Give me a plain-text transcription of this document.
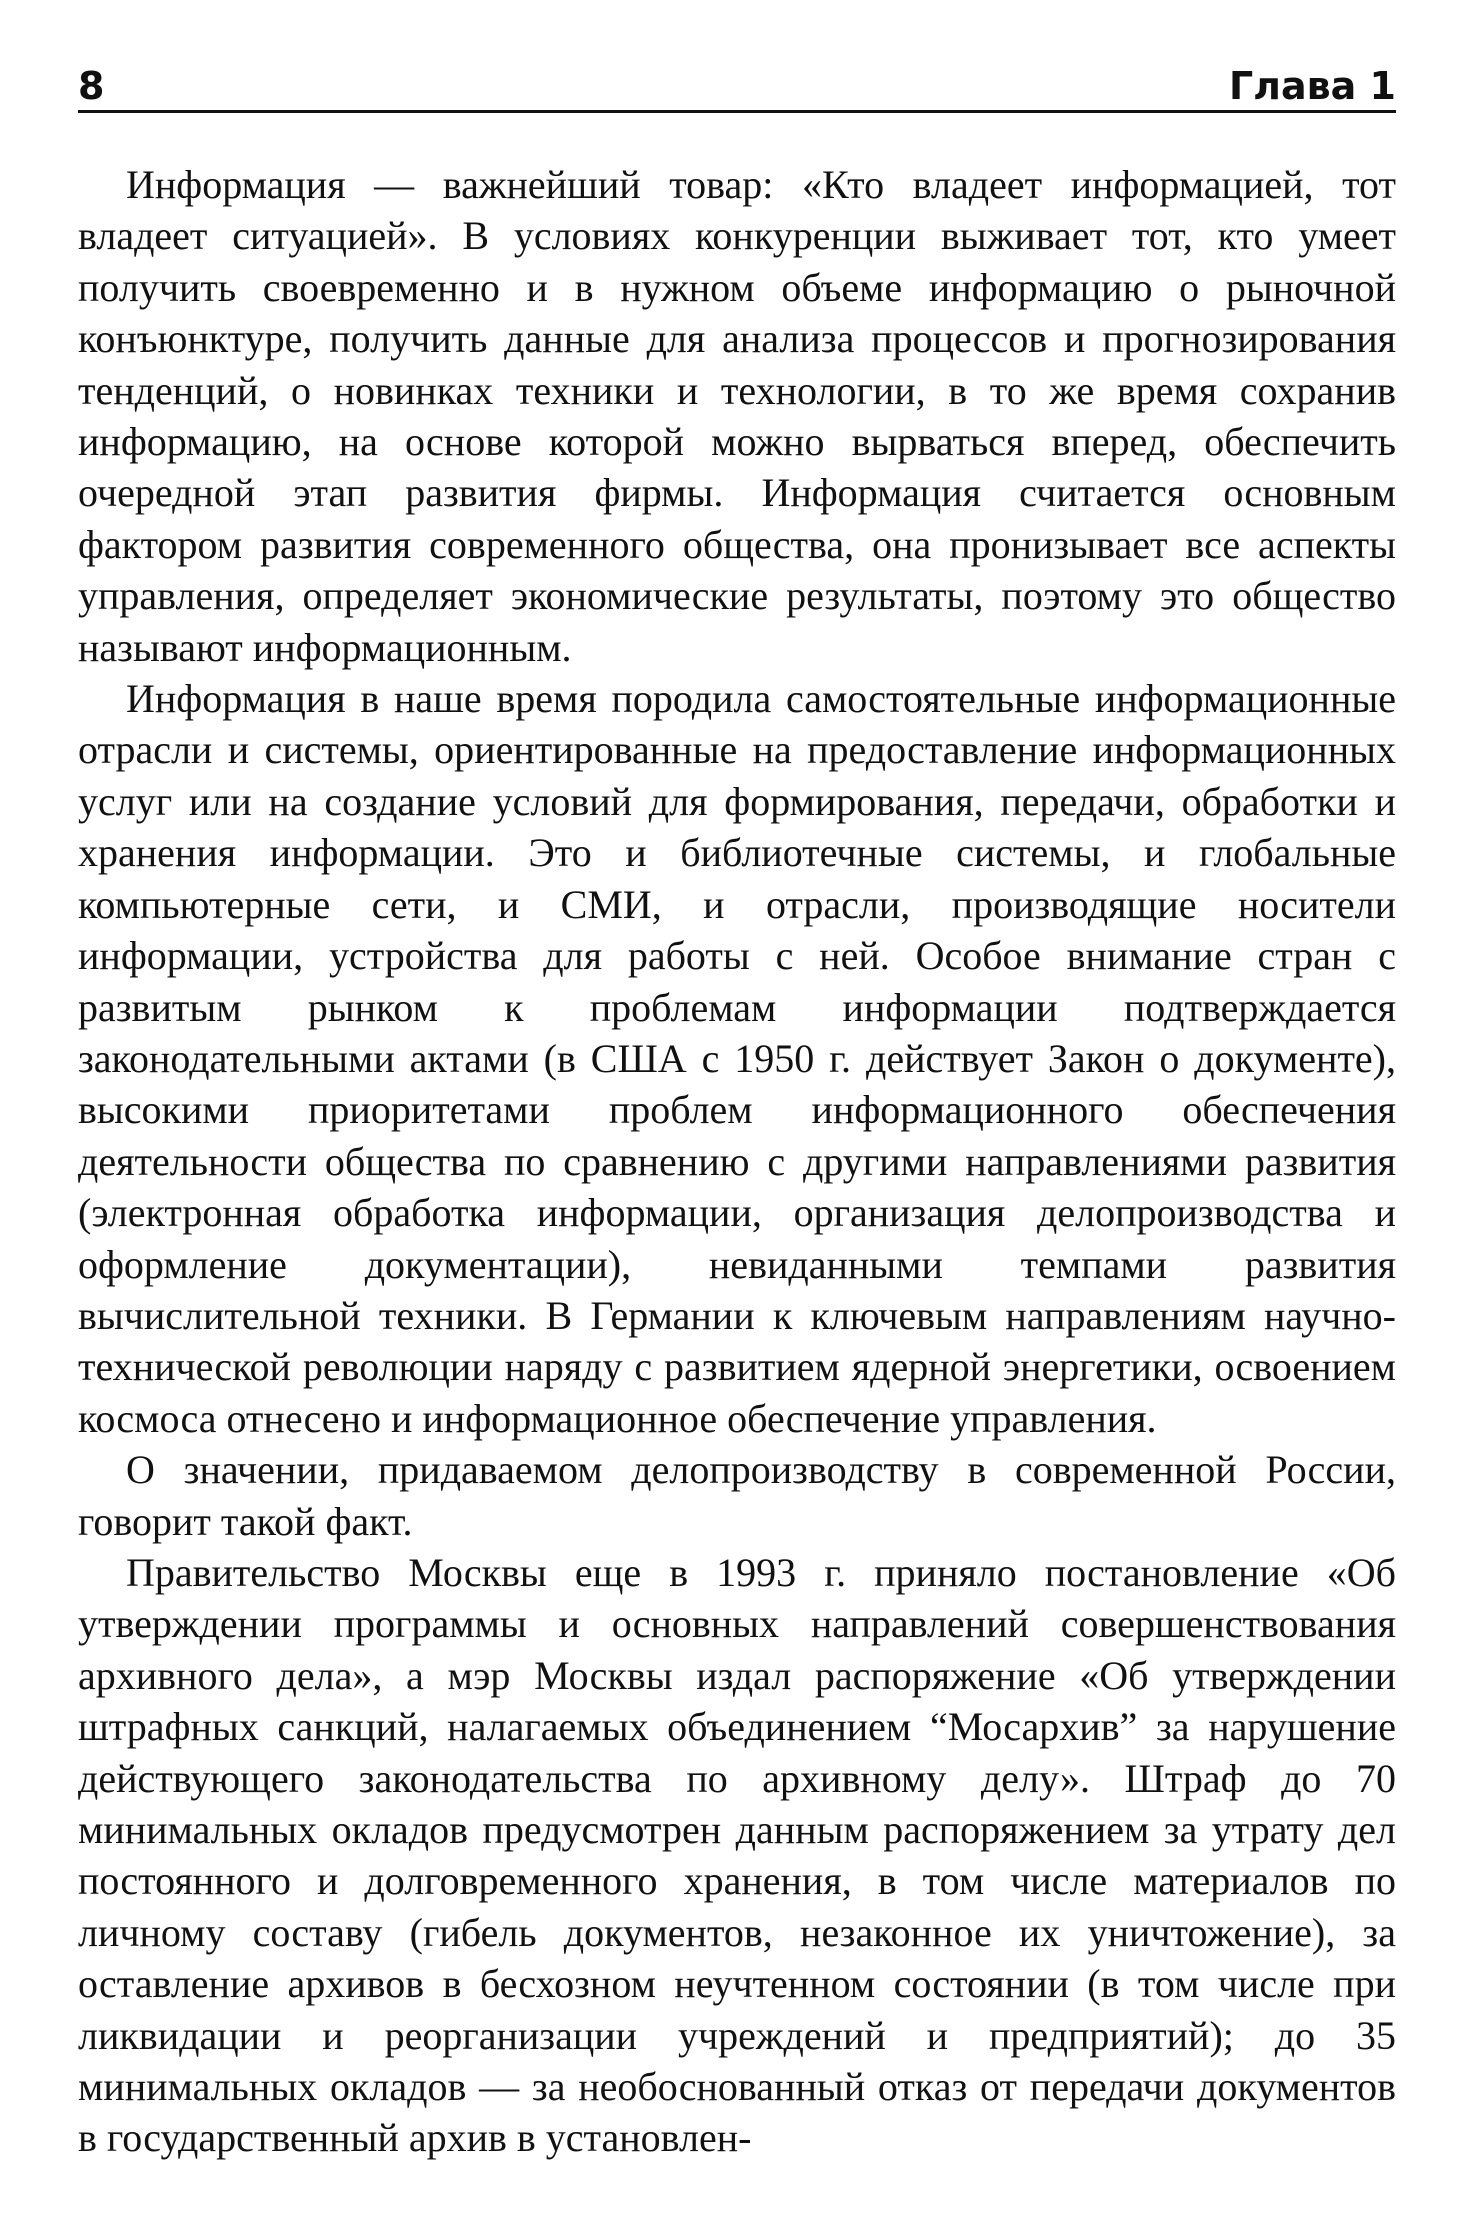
8	Глава 1

Информация — важнейший товар: «Кто владеет информацией, тот владеет ситуацией». В условиях конкуренции выживает тот, кто умеет получить своевременно и в нужном объеме информацию о рыночной конъюнктуре, получить данные для анализа процессов и прогнозирования тенденций, о новинках техники и технологии, в то же время сохранив информацию, на основе которой можно вырваться вперед, обеспечить очередной этап развития фирмы. Информация считается основным фактором развития современного общества, она пронизывает все аспекты управления, определяет экономические результаты, поэтому это общество называют информационным.

Информация в наше время породила самостоятельные информационные отрасли и системы, ориентированные на предоставление информационных услуг или на создание условий для формирования, передачи, обработки и хранения информации. Это и библиотечные системы, и глобальные компьютерные сети, и СМИ, и отрасли, производящие носители информации, устройства для работы с ней. Особое внимание стран с развитым рынком к проблемам информации подтверждается законодательными актами (в США с 1950 г. действует Закон о документе), высокими приоритетами проблем информационного обеспечения деятельности общества по сравнению с другими направлениями развития (электронная обработка информации, организация делопроизводства и оформление документации), невиданными темпами развития вычислительной техники. В Германии к ключевым направлениям научно-технической революции наряду с развитием ядерной энергетики, освоением космоса отнесено и информационное обеспечение управления.

О значении, придаваемом делопроизводству в современной России, говорит такой факт.

Правительство Москвы еще в 1993 г. приняло постановление «Об утверждении программы и основных направлений совершенствования архивного дела», а мэр Москвы издал распоряжение «Об утверждении штрафных санкций, налагаемых объединением “Мосархив” за нарушение действующего законодательства по архивному делу». Штраф до 70 минимальных окладов предусмотрен данным распоряжением за утрату дел постоянного и долговременного хранения, в том числе материалов по личному составу (гибель документов, незаконное их уничтожение), за оставление архивов в бесхозном неучтенном состоянии (в том числе при ликвидации и реорганизации учреждений и предприятий); до 35 минимальных окладов — за необоснованный отказ от передачи документов в государственный архив в установлен-
